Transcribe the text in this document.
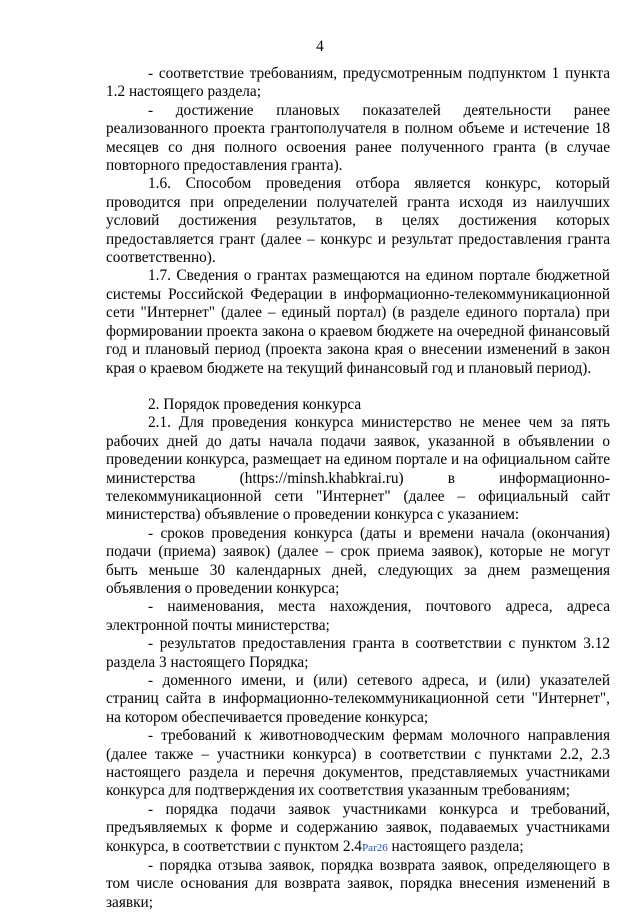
4

- соответствие требованиям, предусмотренным подпунктом 1 пункта 1.2 настоящего раздела;

- достижение плановых показателей деятельности ранее реализованного проекта грантополучателя в полном объеме и истечение 18 месяцев со дня полного освоения ранее полученного гранта (в случае повторного предоставления гранта).

1.6. Способом проведения отбора является конкурс, который проводится при определении получателей гранта исходя из наилучших условий достижения результатов, в целях достижения которых предоставляется грант (далее – конкурс и результат предоставления гранта соответственно).

1.7. Сведения о грантах размещаются на едином портале бюджетной системы Российской Федерации в информационно-телекоммуникационной сети "Интернет" (далее – единый портал) (в разделе единого портала) при формировании проекта закона о краевом бюджете на очередной финансовый год и плановый период (проекта закона края о внесении изменений в закон края о краевом бюджете на текущий финансовый год и плановый период).

2. Порядок проведения конкурса

2.1. Для проведения конкурса министерство не менее чем за пять рабочих дней до даты начала подачи заявок, указанной в объявлении о проведении конкурса, размещает на едином портале и на официальном сайте министерства (https://minsh.khabkrai.ru) в информационно-телекоммуникационной сети "Интернет" (далее – официальный сайт министерства) объявление о проведении конкурса с указанием:

- сроков проведения конкурса (даты и времени начала (окончания) подачи (приема) заявок) (далее – срок приема заявок), которые не могут быть меньше 30 календарных дней, следующих за днем размещения объявления о проведении конкурса;

- наименования, места нахождения, почтового адреса, адреса электронной почты министерства;

- результатов предоставления гранта в соответствии с пунктом 3.12 раздела 3 настоящего Порядка;

- доменного имени, и (или) сетевого адреса, и (или) указателей страниц сайта в информационно-телекоммуникационной сети "Интернет", на котором обеспечивается проведение конкурса;

- требований к животноводческим фермам молочного направления (далее также – участники конкурса) в соответствии с пунктами 2.2, 2.3 настоящего раздела и перечня документов, представляемых участниками конкурса для подтверждения их соответствия указанным требованиям;

- порядка подачи заявок участниками конкурса и требований, предъявляемых к форме и содержанию заявок, подаваемых участниками конкурса, в соответствии с пунктом 2.4Par26 настоящего раздела;

- порядка отзыва заявок, порядка возврата заявок, определяющего в том числе основания для возврата заявок, порядка внесения изменений в заявки;
